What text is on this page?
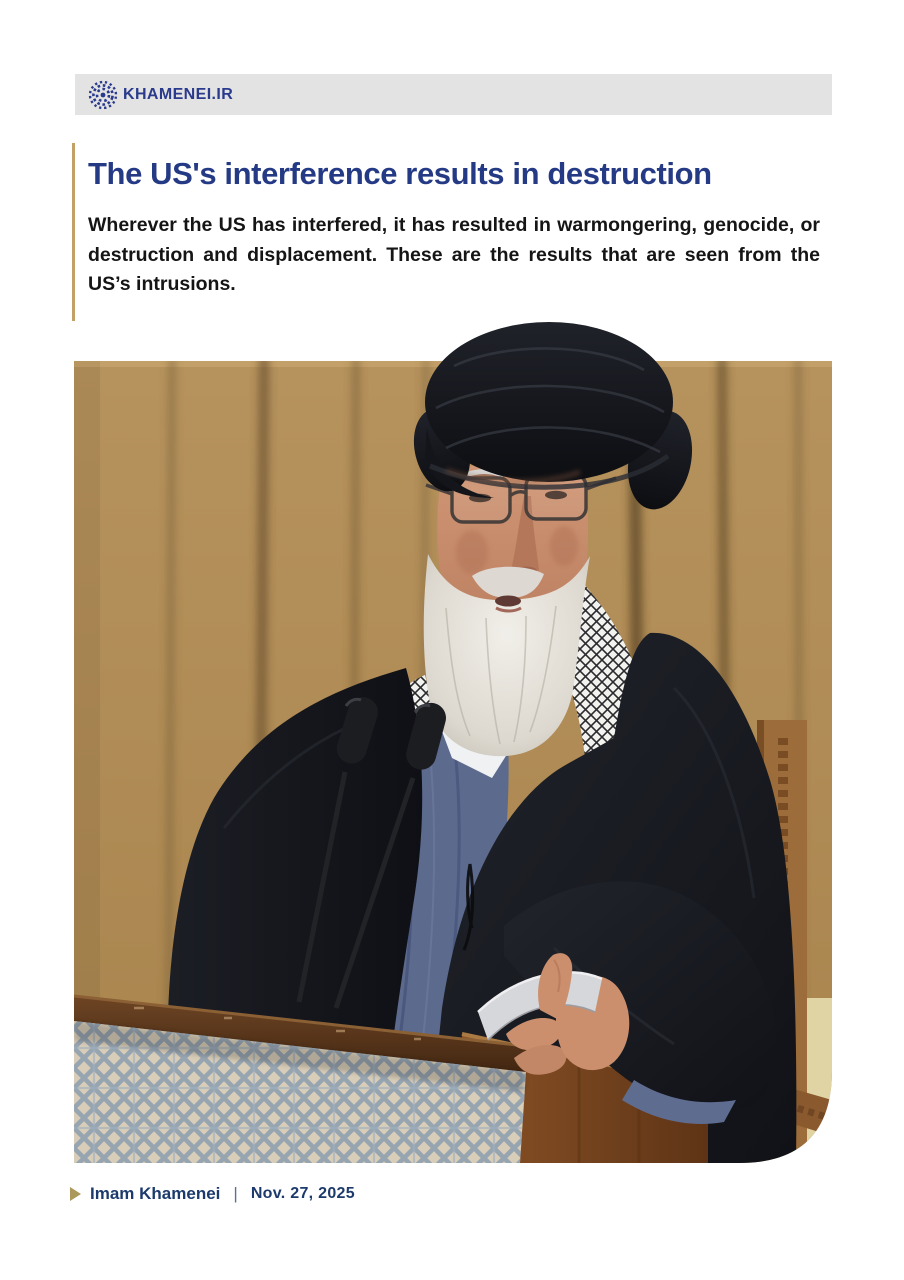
KHAMENEI.IR
The US's interference results in destruction

Wherever the US has interfered, it has resulted in warmongering, genocide, or destruction and displacement. These are the results that are seen from the US’s intrusions.

Imam Khamenei | Nov. 27, 2025
